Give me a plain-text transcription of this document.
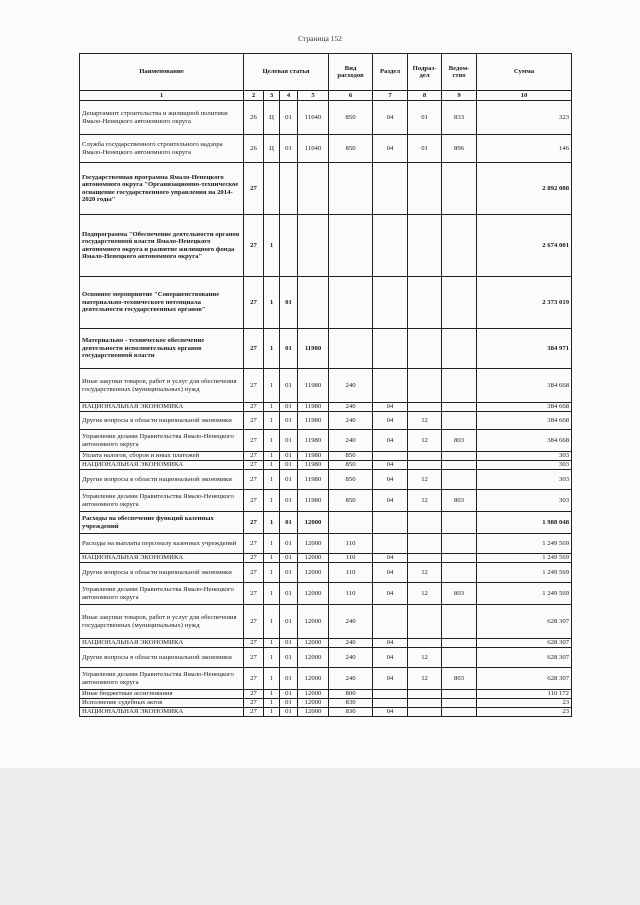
Страница 152
Наименование	Целевая статья				Вид расходов	Раздел	Подраз-дел	Ведом-ство	Сумма
1	2	3	4	5	6	7	8	9	10
Департамент строительства и жилищной политики Ямало-Ненецкого автономного округа	26	Ц	01	11040	850	04	01	833	323
Служба государственного строительного надзора Ямало-Ненецкого автономного округа	26	Ц	01	11040	850	04	01	896	146
Государственная программа Ямало-Ненецкого автономного округа "Организационно-техническое оснащение государственного управления на 2014-2020 годы"	27								2 892 088
Подпрограмма "Обеспечение деятельности органов государственной власти Ямало-Ненецкого автономного округа и развитие жилищного фонда Ямало-Ненецкого автономного округа"	27	1							2 674 001
Основное мероприятие "Совершенствование материально-технического потенциала деятельности государственных органов"	27	1	01						2 373 019
Материально - техническое обеспечение деятельности исполнительных органов государственной власти	27	1	01	11980					384 971
Иные закупки товаров, работ и услуг для обеспечения государственных (муниципальных) нужд	27	1	01	11980	240				384 668
НАЦИОНАЛЬНАЯ ЭКОНОМИКА	27	1	01	11980	240	04			384 668
Другие вопросы в области национальной экономики	27	1	01	11980	240	04	12		384 668
Управление делами Правительства Ямало-Ненецкого автономного округа	27	1	01	11980	240	04	12	803	384 668
Уплата налогов, сборов и иных платежей	27	1	01	11980	850				303
НАЦИОНАЛЬНАЯ ЭКОНОМИКА	27	1	01	11980	850	04			303
Другие вопросы в области национальной экономики	27	1	01	11980	850	04	12		303
Управление делами Правительства Ямало-Ненецкого автономного округа	27	1	01	11980	850	04	12	803	303
Расходы на обеспечение функций казенных учреждений	27	1	01	12000					1 988 048
Расходы на выплаты персоналу казенных учреждений	27	1	01	12000	110				1 249 569
НАЦИОНАЛЬНАЯ ЭКОНОМИКА	27	1	01	12000	110	04			1 249 569
Другие вопросы в области национальной экономики	27	1	01	12000	110	04	12		1 249 569
Управление делами Правительства Ямало-Ненецкого автономного округа	27	1	01	12000	110	04	12	803	1 249 569
Иные закупки товаров, работ и услуг для обеспечения государственных (муниципальных) нужд	27	1	01	12000	240				628 307
НАЦИОНАЛЬНАЯ ЭКОНОМИКА	27	1	01	12000	240	04			628 307
Другие вопросы в области национальной экономики	27	1	01	12000	240	04	12		628 307
Управление делами Правительства Ямало-Ненецкого автономного округа	27	1	01	12000	240	04	12	803	628 307
Иные бюджетные ассигнования	27	1	01	12000	800				110 172
Исполнение судебных актов	27	1	01	12000	830				23
НАЦИОНАЛЬНАЯ ЭКОНОМИКА	27	1	01	12000	830	04			23
